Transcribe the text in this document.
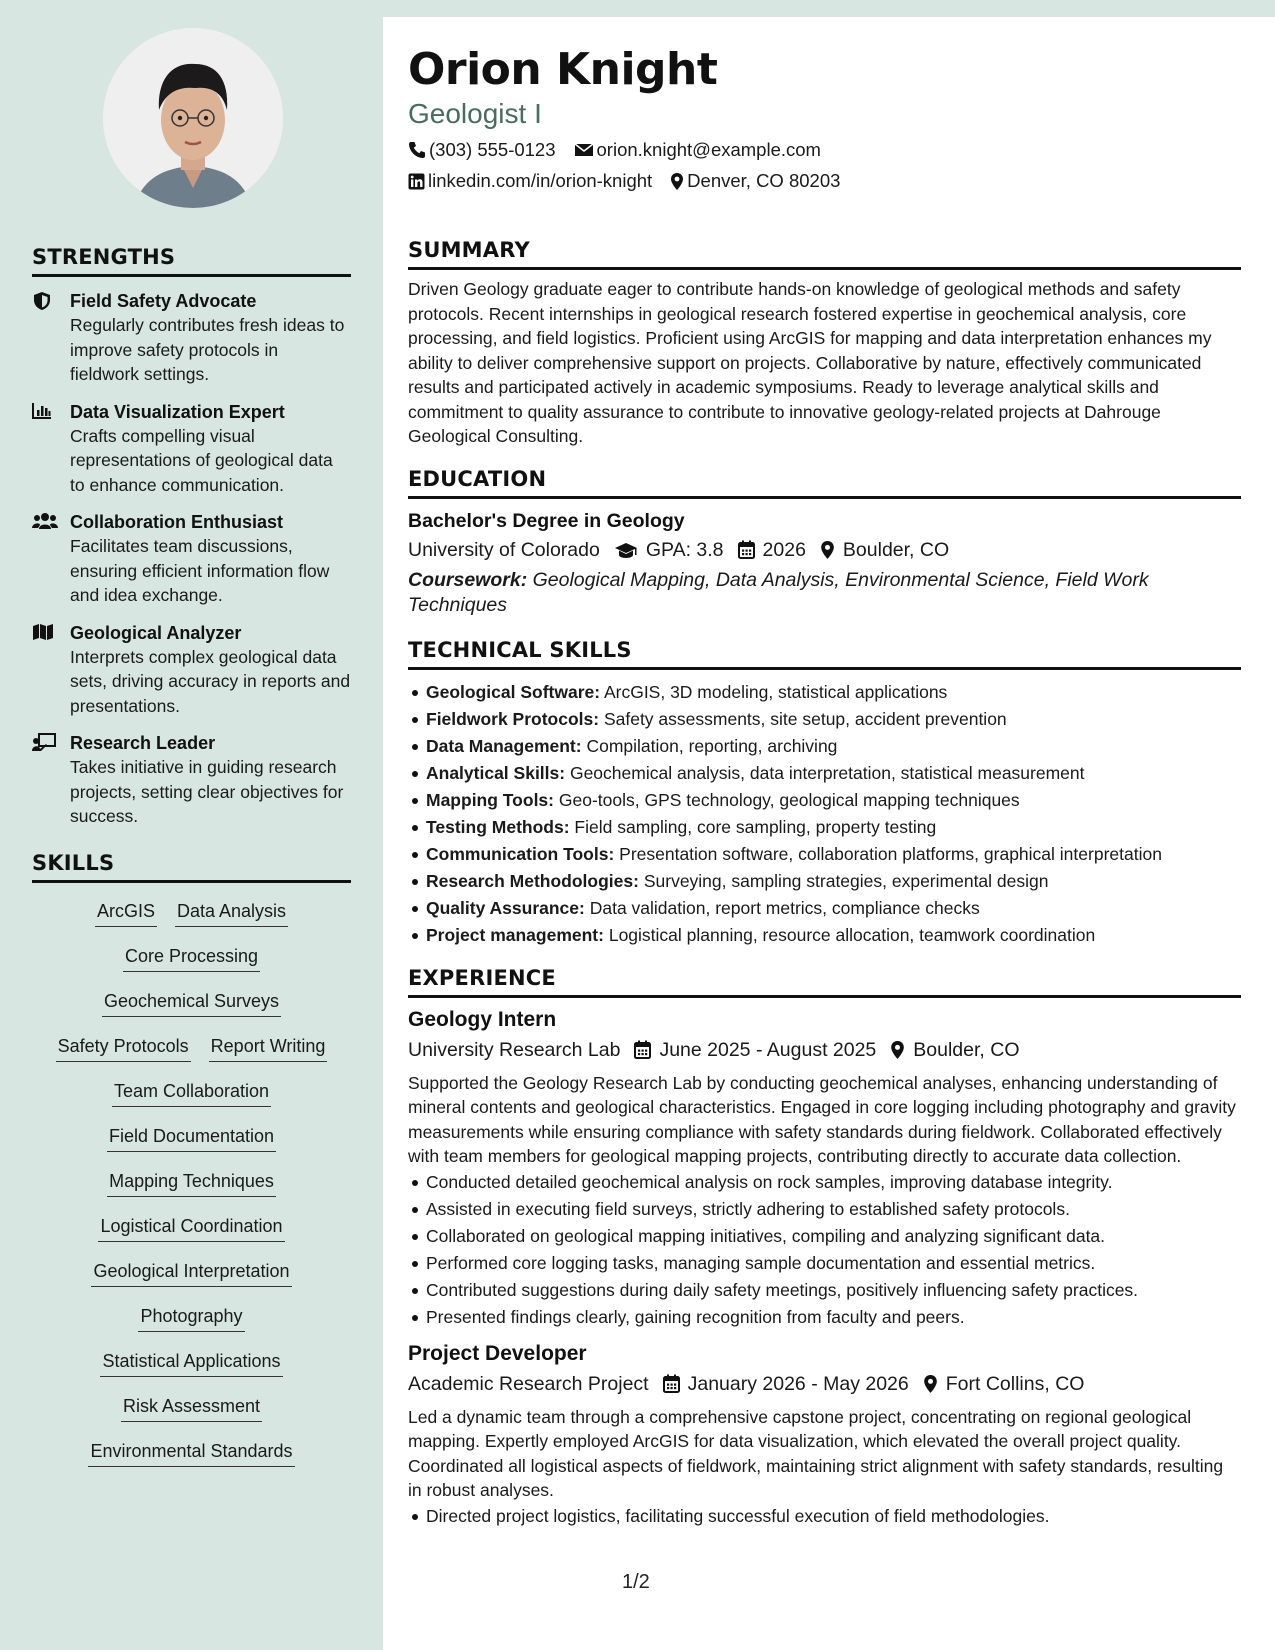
STRENGTHS
Field Safety Advocate
Regularly contributes fresh ideas to improve safety protocols in fieldwork settings.
Data Visualization Expert
Crafts compelling visual representations of geological data to enhance communication.
Collaboration Enthusiast
Facilitates team discussions, ensuring efficient information flow and idea exchange.
Geological Analyzer
Interprets complex geological data sets, driving accuracy in reports and presentations.
Research Leader
Takes initiative in guiding research projects, setting clear objectives for success.
SKILLS
ArcGIS Data Analysis
Core Processing
Geochemical Surveys
Safety Protocols Report Writing
Team Collaboration
Field Documentation
Mapping Techniques
Logistical Coordination
Geological Interpretation
Photography
Statistical Applications
Risk Assessment
Environmental Standards
Orion Knight
Geologist I
(303) 555-0123 orion.knight@example.com
linkedin.com/in/orion-knight Denver, CO 80203
SUMMARY
Driven Geology graduate eager to contribute hands-on knowledge of geological methods and safety protocols. Recent internships in geological research fostered expertise in geochemical analysis, core processing, and field logistics. Proficient using ArcGIS for mapping and data interpretation enhances my ability to deliver comprehensive support on projects. Collaborative by nature, effectively communicated results and participated actively in academic symposiums. Ready to leverage analytical skills and commitment to quality assurance to contribute to innovative geology-related projects at Dahrouge Geological Consulting.
EDUCATION
Bachelor's Degree in Geology
University of Colorado GPA: 3.8 2026 Boulder, CO
Coursework: Geological Mapping, Data Analysis, Environmental Science, Field Work Techniques
TECHNICAL SKILLS
Geological Software: ArcGIS, 3D modeling, statistical applications
Fieldwork Protocols: Safety assessments, site setup, accident prevention
Data Management: Compilation, reporting, archiving
Analytical Skills: Geochemical analysis, data interpretation, statistical measurement
Mapping Tools: Geo-tools, GPS technology, geological mapping techniques
Testing Methods: Field sampling, core sampling, property testing
Communication Tools: Presentation software, collaboration platforms, graphical interpretation
Research Methodologies: Surveying, sampling strategies, experimental design
Quality Assurance: Data validation, report metrics, compliance checks
Project management: Logistical planning, resource allocation, teamwork coordination
EXPERIENCE
Geology Intern
University Research Lab June 2025 - August 2025 Boulder, CO
Supported the Geology Research Lab by conducting geochemical analyses, enhancing understanding of mineral contents and geological characteristics. Engaged in core logging including photography and gravity measurements while ensuring compliance with safety standards during fieldwork. Collaborated effectively with team members for geological mapping projects, contributing directly to accurate data collection.
Conducted detailed geochemical analysis on rock samples, improving database integrity.
Assisted in executing field surveys, strictly adhering to established safety protocols.
Collaborated on geological mapping initiatives, compiling and analyzing significant data.
Performed core logging tasks, managing sample documentation and essential metrics.
Contributed suggestions during daily safety meetings, positively influencing safety practices.
Presented findings clearly, gaining recognition from faculty and peers.
Project Developer
Academic Research Project January 2026 - May 2026 Fort Collins, CO
Led a dynamic team through a comprehensive capstone project, concentrating on regional geological mapping. Expertly employed ArcGIS for data visualization, which elevated the overall project quality. Coordinated all logistical aspects of fieldwork, maintaining strict alignment with safety standards, resulting in robust analyses.
Directed project logistics, facilitating successful execution of field methodologies.
1/2
